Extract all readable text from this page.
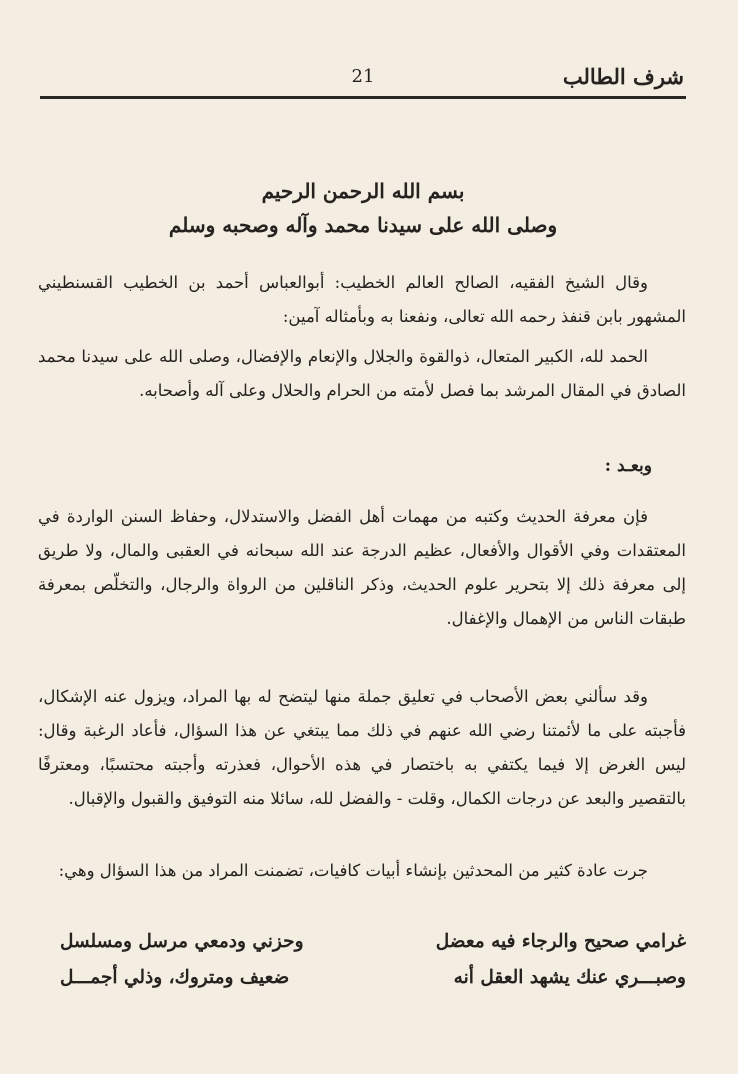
شرف الطالب
21
بسم الله الرحمن الرحيم
وصلى الله على سيدنا محمد وآله وصحبه وسلم

وقال الشيخ الفقيه، الصالح العالم الخطيب: أبوالعباس أحمد بن الخطيب القسنطيني المشهور بابن قنفذ رحمه الله تعالى، ونفعنا به وبأمثاله آمين:

الحمد لله، الكبير المتعال، ذوالقوة والجلال والإنعام والإفضال، وصلى الله على سيدنا محمد الصادق في المقال المرشد بما فصل لأمته من الحرام والحلال وعلى آله وأصحابه.

وبعـد :

فإن معرفة الحديث وكتبه من مهمات أهل الفضل والاستدلال، وحفاظ السنن الواردة في المعتقدات وفي الأقوال والأفعال، عظيم الدرجة عند الله سبحانه في العقبى والمال، ولا طريق إلى معرفة ذلك إلا بتحرير علوم الحديث، وذكر الناقلين من الرواة والرجال، والتخلّص بمعرفة طبقات الناس من الإهمال والإغفال.

وقد سألني بعض الأصحاب في تعليق جملة منها ليتضح له بها المراد، ويزول عنه الإشكال، فأجبته على ما لأئمتنا رضي الله عنهم في ذلك مما يبتغي عن هذا السؤال، فأعاد الرغبة وقال: ليس الغرض إلا فيما يكتفي به باختصار في هذه الأحوال، فعذرته وأجبته محتسبًا، ومعترفًا بالتقصير والبعد عن درجات الكمال، وقلت - والفضل لله، سائلا منه التوفيق والقبول والإقبال.

جرت عادة كثير من المحدثين بإنشاء أبيات كافيات، تضمنت المراد من هذا السؤال وهي:

غرامي صحيح والرجاء فيه معضل
وحزني ودمعي مرسل ومسلسل
وصبـــري عنك يشهد العقل أنه
ضعيف ومتروك، وذلي أجمـــل
